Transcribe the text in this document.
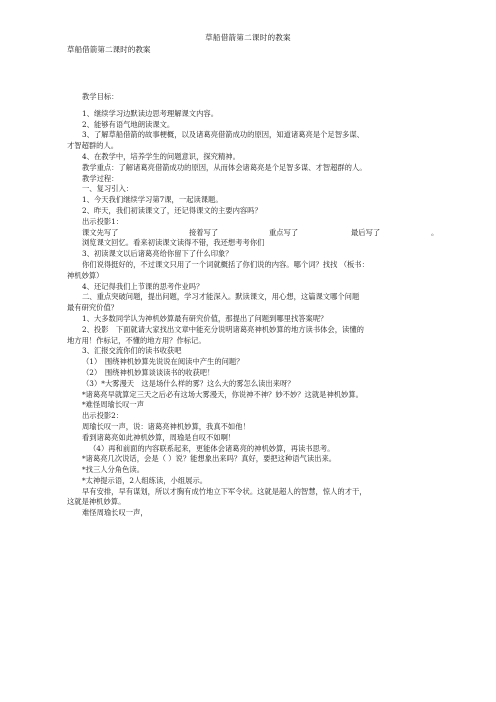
草船借箭第二课时的教案
草船借箭第二课时的教案
教学目标：
1、继续学习边默读边思考理解课文内容。
2、能够有语气地朗读课文。
3、了解草船借箭的故事梗概，以及诸葛亮借箭成功的原因，知道诸葛亮是个足智多谋、
才智超群的人。
4、在教学中，培养学生的问题意识，探究精神。
教学重点：了解诸葛亮借箭成功的原因，从而体会诸葛亮是个足智多谋、才智超群的人。
教学过程：
一、复习引入：
1、今天我们继续学习第7课，一起读课题。
2、昨天，我们初读课文了，还记得课文的主要内容吗？
出示投影1：
课文先写了	接着写了	重点写了	最后写了	。
浏览课文回忆。看来初读课文读得不错，我还想考考你们
3、初读课文以后诸葛亮给你留下了什么印象？
你们说得挺好的，不过课文只用了一个词就概括了你们说的内容。哪个词？找找 （板书：
神机妙算）
4、还记得我们上节课的思考作业吗？
二、重点突破问题，提出问题，学习才能深入。默读课文，用心想，这篇课文哪个问题
最有研究价值？
1、大多数同学认为神机妙算最有研究价值，那提出了问题到哪里找答案呢？
2、投影　下面就请大家找出文章中能充分说明诸葛亮神机妙算的地方读书体会，读懂的
地方用！作标记，不懂的地方用？作标记。
3、汇报交流你们的读书收获吧
（1）　围绕神机妙算先说说在阅读中产生的问题？
（2）　围绕神机妙算谈谈读书的收获吧！
（3）*大雾漫天　这是场什么样的雾？这么大的雾怎么读出来呀？
*诸葛亮早就算定三天之后必有这场大雾漫天，你说神不神？妙不妙？这就是神机妙算。
*难怪周瑜长叹一声
出示投影2：
周瑜长叹一声，说：诸葛亮神机妙算，我真不如他！
看到诸葛亮如此神机妙算，周瑜是自叹不如啊！
（4）再和前面的内容联系起来，更能体会诸葛亮的神机妙算，再读书思考。
*诸葛亮几次说话，会是（ ）说？能想象出来吗？真好，要把这种语气读出来。
*找三人分角色读。
*太神提示语，2人组练读，小组展示。
早有安排，早有谋划，所以才胸有成竹地立下军令状。这就是超人的智慧，惊人的才干，
这就是神机妙算。
难怪周瑜长叹一声，
